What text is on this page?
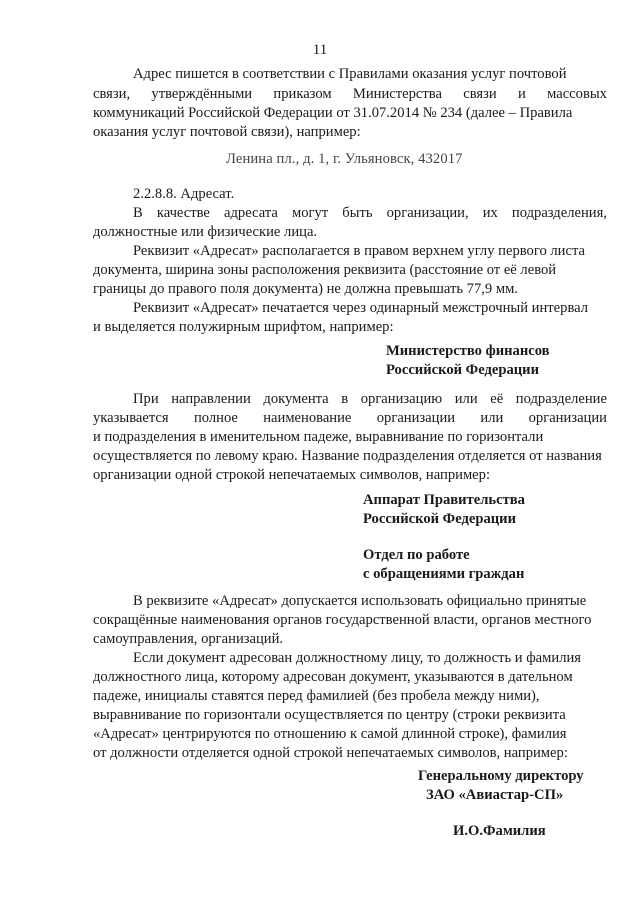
11
Адрес пишется в соответствии с Правилами оказания услуг почтовой
связи, утверждёнными приказом Министерства связи и массовых
коммуникаций Российской Федерации от 31.07.2014 № 234 (далее – Правила
оказания услуг почтовой связи), например:
Ленина пл., д. 1, г. Ульяновск, 432017
2.2.8.8. Адресат.
В качестве адресата могут быть организации, их подразделения,
должностные или физические лица.
Реквизит «Адресат» располагается в правом верхнем углу первого листа
документа, ширина зоны расположения реквизита (расстояние от её левой
границы до правого поля документа) не должна превышать 77,9 мм.
Реквизит «Адресат» печатается через одинарный межстрочный интервал
и выделяется полужирным шрифтом, например:
Министерство финансов
Российской Федерации
При направлении документа в организацию или её подразделение
указывается полное наименование организации или организации
и подразделения в именительном падеже, выравнивание по горизонтали
осуществляется по левому краю. Название подразделения отделяется от названия
организации одной строкой непечатаемых символов, например:
Аппарат Правительства
Российской Федерации
Отдел по работе
с обращениями граждан
В реквизите «Адресат» допускается использовать официально принятые
сокращённые наименования органов государственной власти, органов местного
самоуправления, организаций.
Если документ адресован должностному лицу, то должность и фамилия
должностного лица, которому адресован документ, указываются в дательном
падеже, инициалы ставятся перед фамилией (без пробела между ними),
выравнивание по горизонтали осуществляется по центру (строки реквизита
«Адресат» центрируются по отношению к самой длинной строке), фамилия
от должности отделяется одной строкой непечатаемых символов, например:
Генеральному директору
ЗАО «Авиастар-СП»
И.О.Фамилия
